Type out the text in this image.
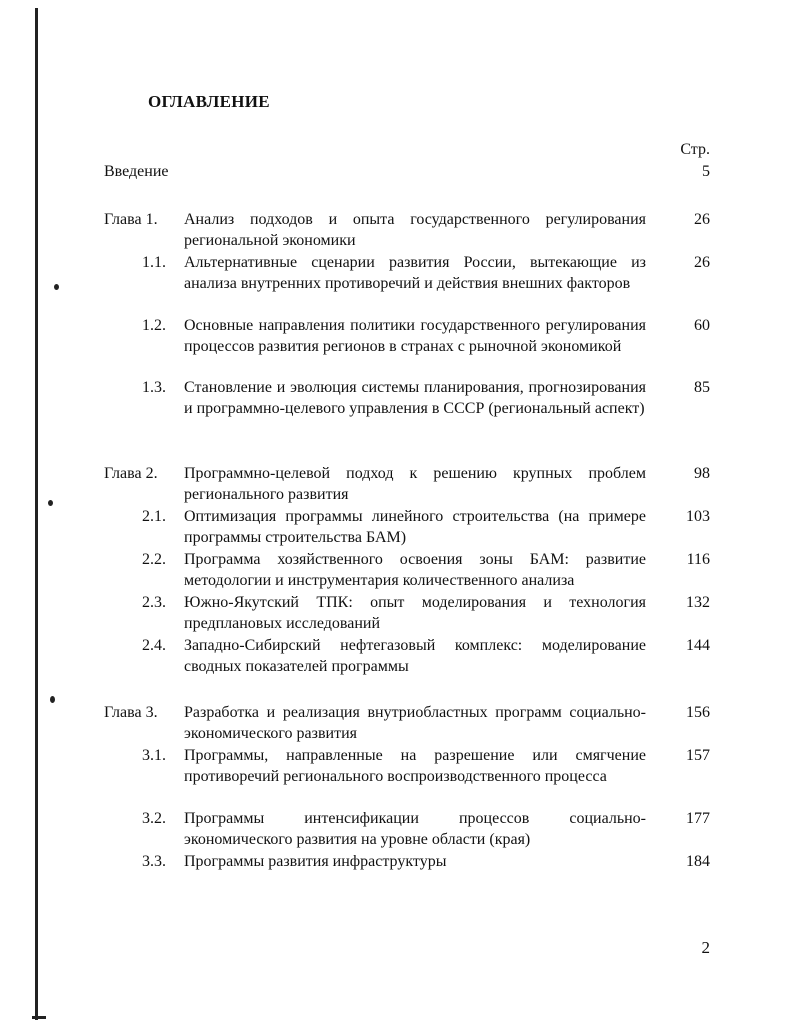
ОГЛАВЛЕНИЕ
Стр.
Введение	5
Глава 1. Анализ подходов и опыта государственного регулирования региональной экономики
26
1.1. Альтернативные сценарии развития России, вытекающие из анализа внутренних противоречий и действия внешних факторов
26
1.2. Основные направления политики государственного регулирования процессов развития регионов в странах с рыночной экономикой
60
1.3. Становление и эволюция системы планирования, прогнозирования и программно-целевого управления в СССР (региональный аспект)
85
Глава 2. Программно-целевой подход к решению крупных проблем регионального развития
98
2.1. Оптимизация программы линейного строительства (на примере программы строительства БАМ)
103
2.2. Программа хозяйственного освоения зоны БАМ: развитие методологии и инструментария количественного анализа
116
2.3. Южно-Якутский ТПК: опыт моделирования и технология предплановых исследований
132
2.4. Западно-Сибирский нефтегазовый комплекс: моделирование сводных показателей программы
144
Глава 3. Разработка и реализация внутриобластных программ социально-экономического развития
156
3.1. Программы, направленные на разрешение или смягчение противоречий регионального воспроизводственного процесса
157
3.2. Программы интенсификации процессов социально-экономического развития на уровне области (края)
177
3.3. Программы развития инфраструктуры	184
2
